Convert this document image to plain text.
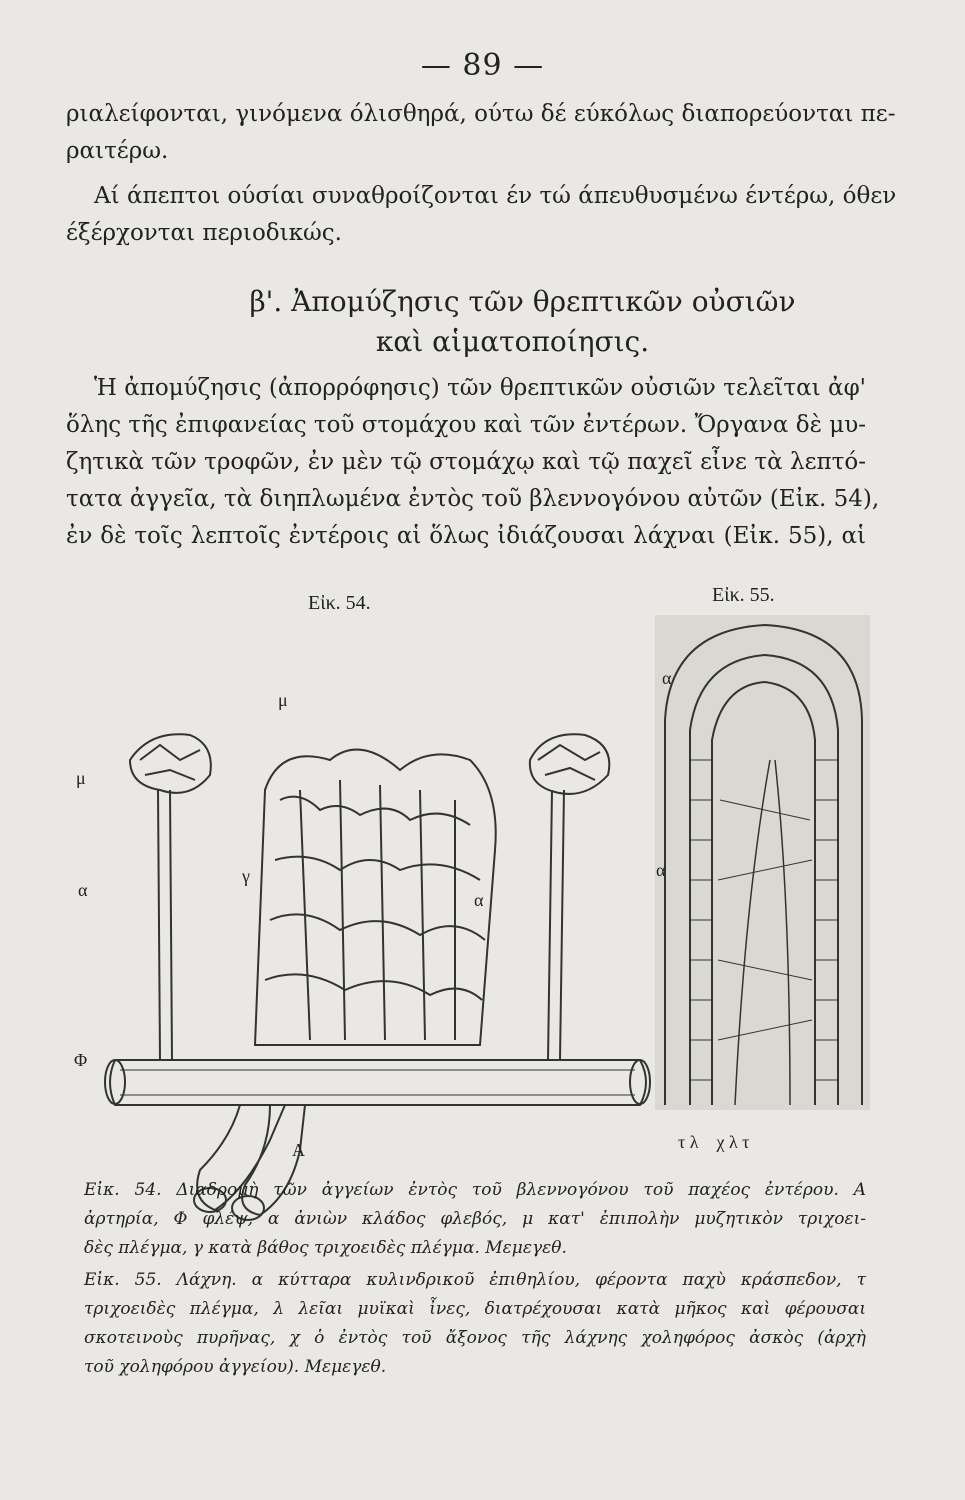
— 89 —
ριαλείφονται, γινόμενα όλισθηρά, ούτω δέ εύκόλως διαπορεύονται πε-
ραιτέρω.
Αί άπεπτοι ούσίαι συναθροίζονται έν τώ άπευθυσμένω έντέρω, όθεν
έξέρχονται περιοδικώς.
β'. Ἀπομύζησις τῶν θρεπτικῶν οὐσιῶν
καὶ αἱματοποίησις.
Ἡ ἀπομύζησις (ἀπορρόφησις) τῶν θρεπτικῶν οὐσιῶν τελεῖται ἀφ'
ὅλης τῆς ἐπιφανείας τοῦ στομάχου καὶ τῶν ἐντέρων. Ὄργανα δὲ μυ-
ζητικὰ τῶν τροφῶν, ἐν μὲν τῷ στομάχῳ καὶ τῷ παχεῖ εἶνε τὰ λεπτό-
τατα ἀγγεῖα, τὰ διηπλωμένα ἐντὸς τοῦ βλεννογόνου αὐτῶν (Εἰκ. 54),
ἐν δὲ τοῖς λεπτοῖς ἐντέροις αἱ ὅλως ἰδιάζουσαι λάχναι (Εἰκ. 55), αἱ
Εἰκ. 54.
μ
μ
α
γ
α
Φ
Α
Εἰκ. 55.
α
α
τ λ    χ λ τ
Εἰκ. 54. Διαδρομὴ τῶν ἀγγείων ἐντὸς τοῦ βλεννογόνου τοῦ παχέος ἐντέρου. Α
ἀρτηρία, Φ φλέψ, α ἀνιὼν κλάδος φλεβός, μ κατ' ἐπιπολὴν μυζητικὸν τριχοει-
δὲς πλέγμα, γ κατὰ βάθος τριχοειδὲς πλέγμα. Μεμεγεθ.
Εἰκ. 55. Λάχνη. α κύτταρα κυλινδρικοῦ ἐπιθηλίου, φέροντα παχὺ κράσπεδον, τ
τριχοειδὲς πλέγμα, λ λεῖαι μυϊκαὶ ἶνες, διατρέχουσαι κατὰ μῆκος καὶ φέρουσαι
σκοτεινοὺς πυρῆνας, χ ὁ ἐντὸς τοῦ ἄξονος τῆς λάχνης χοληφόρος ἀσκὸς (ἀρχὴ
τοῦ χοληφόρου ἀγγείου). Μεμεγεθ.
